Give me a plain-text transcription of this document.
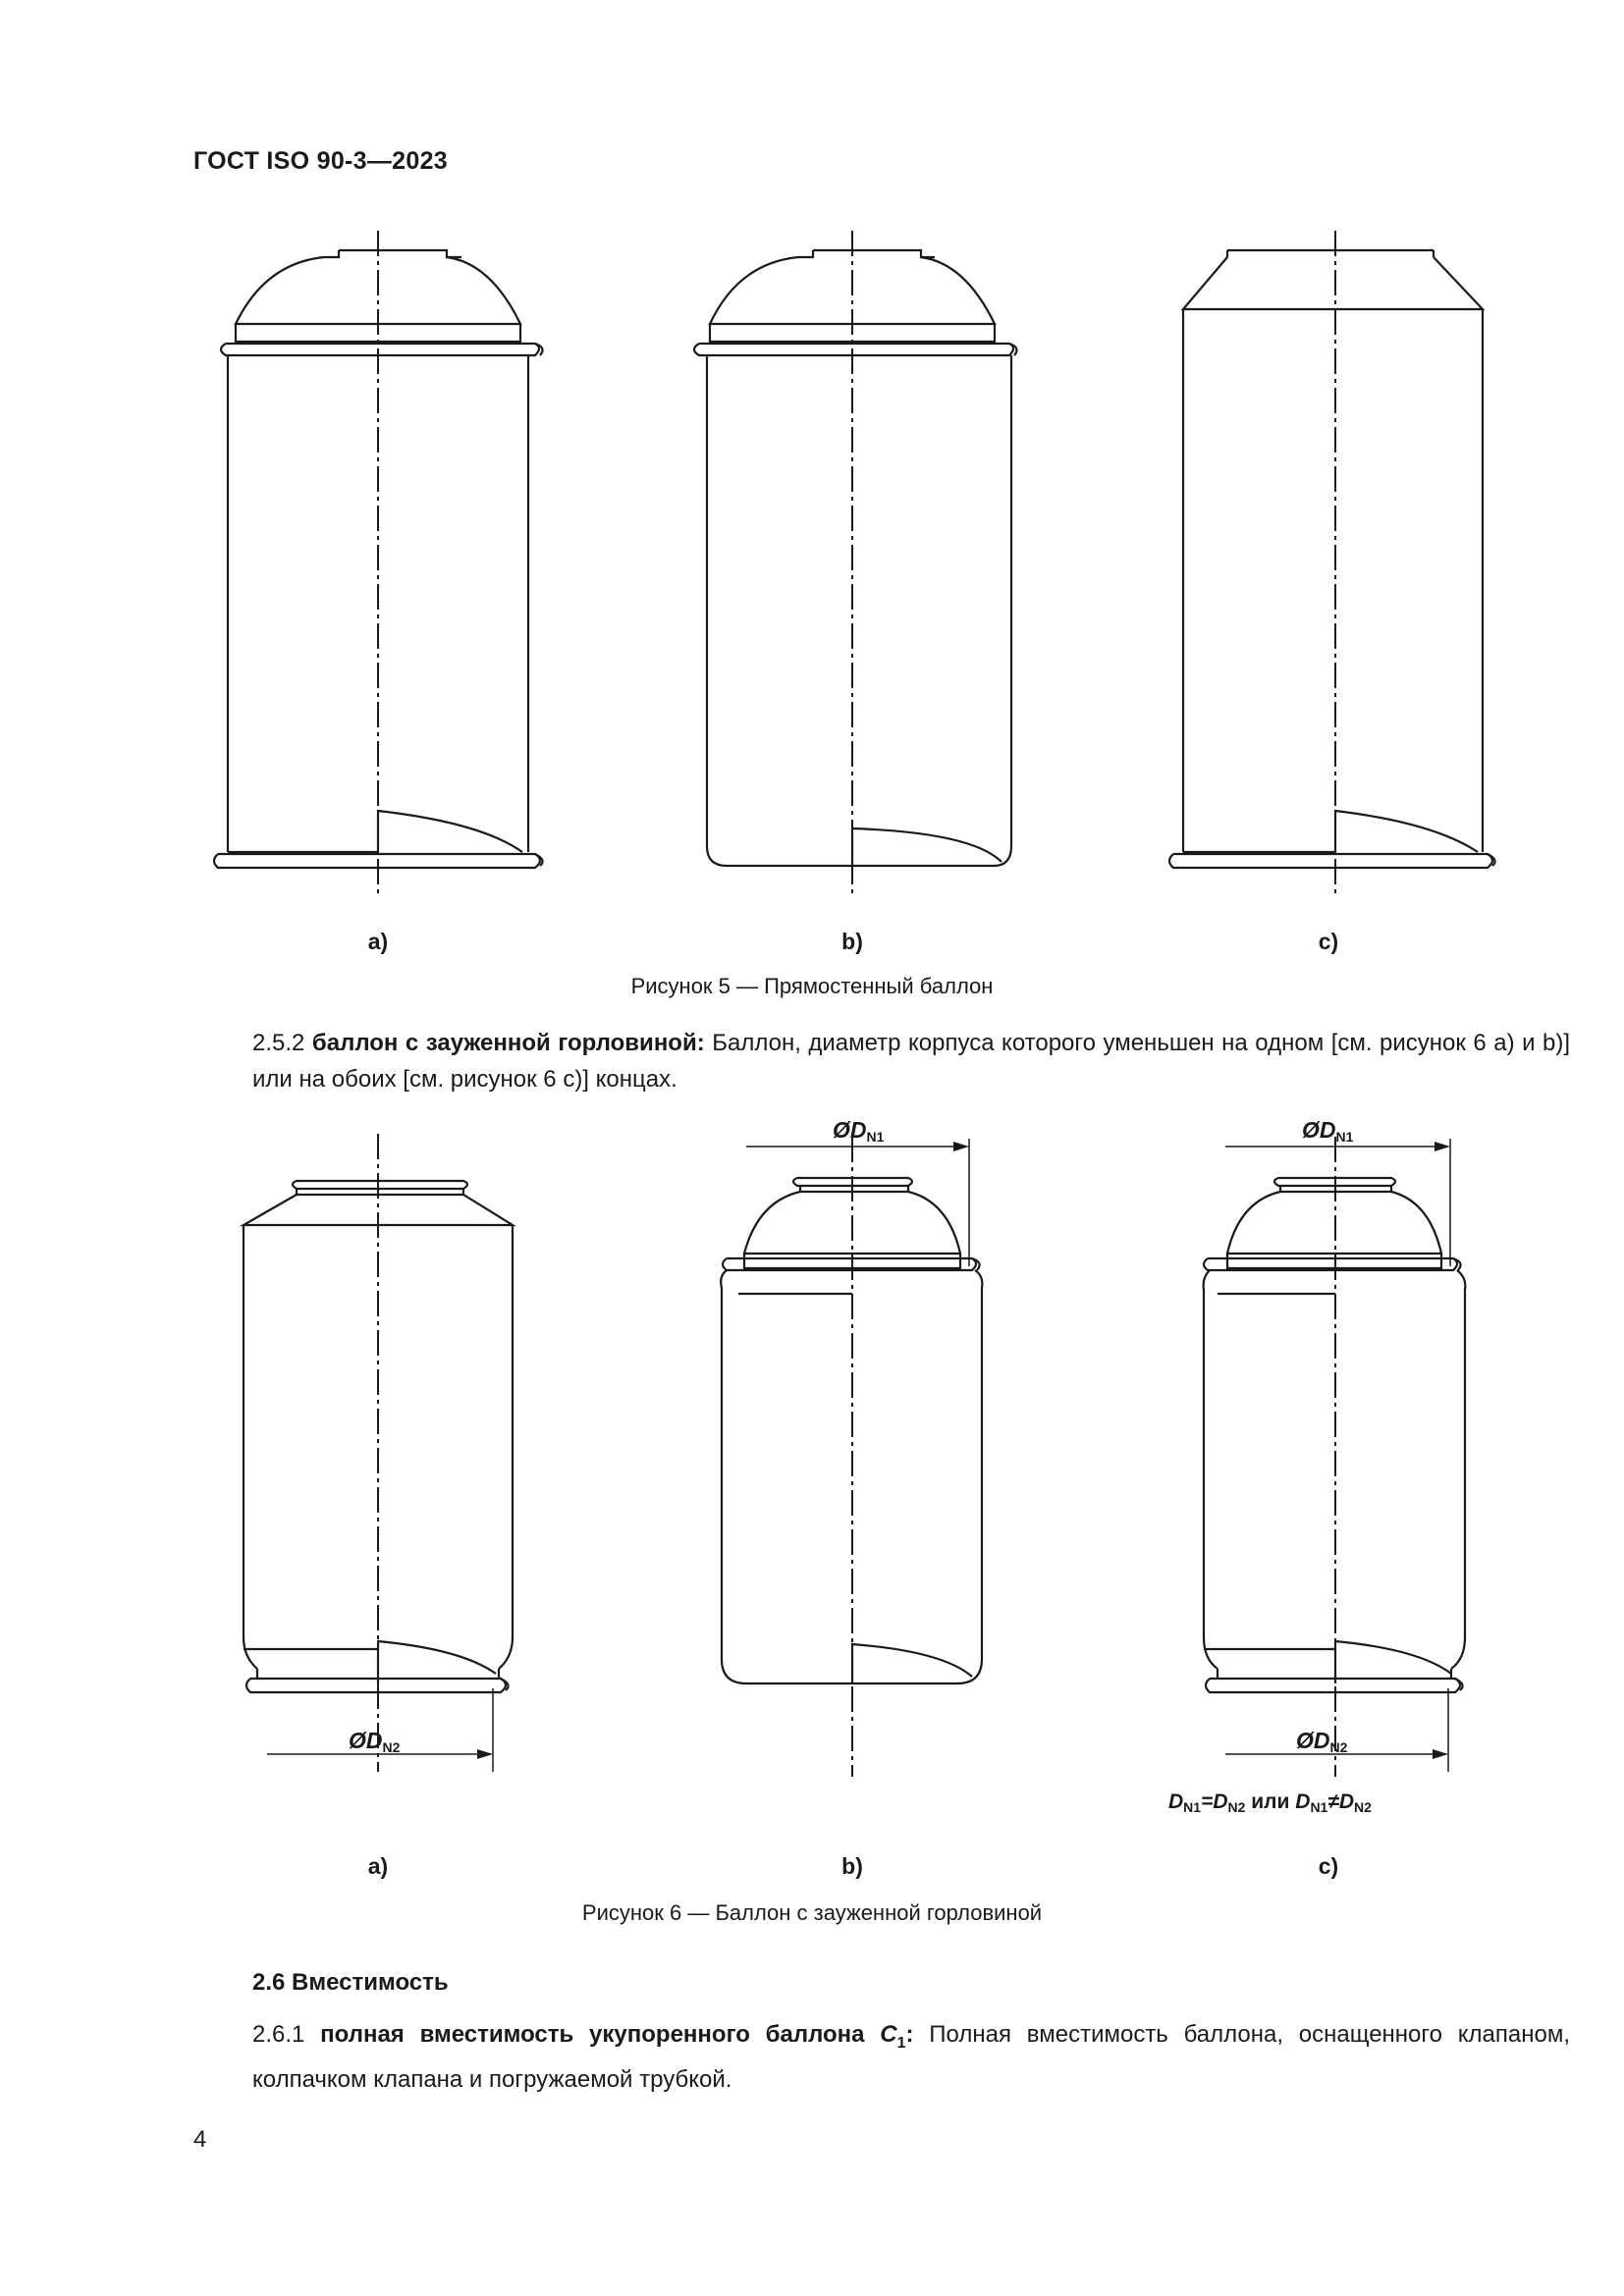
ГОСТ ISO 90-3—2023
a)	b)	c)
Рисунок 5 — Прямостенный баллон
2.5.2 баллон с зауженной горловиной: Баллон, диаметр корпуса которого уменьшен на одном [см. рисунок 6 а) и b)] или на обоих [см. рисунок 6 с)] концах.
$ØD_{N2}$
$ØD_{N1}$	$ØD_{N1}$
$ØD_{N2}$
$D_{N1}=D_{N2}$ или $D_{N1}\ne D_{N2}$
a)	b)	c)
Рисунок 6 — Баллон с зауженной горловиной
2.6 Вместимость
2.6.1 полная вместимость укупоренного баллона $C_1$: Полная вместимость баллона, оснащенного клапаном, колпачком клапана и погружаемой трубкой.
4
